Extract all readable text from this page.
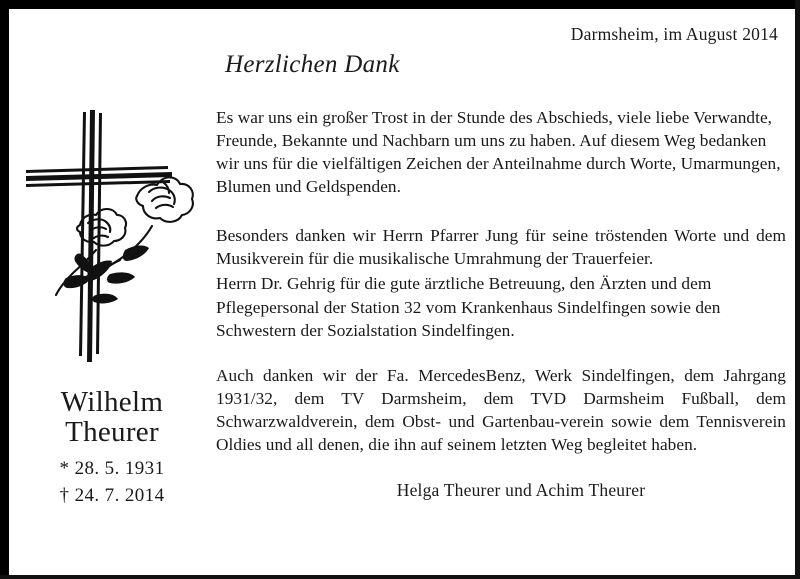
Darmsheim, im August 2014
Wilhelm
Theurer
* 28. 5. 1931
† 24. 7. 2014
Herzlichen Dank

Es war uns ein großer Trost in der Stunde des Abschieds, viele liebe Verwandte, Freunde, Bekannte und Nachbarn um uns zu haben. Auf diesem Weg bedanken wir uns für die vielfältigen Zeichen der Anteilnahme durch Worte, Umarmungen, Blumen und Geldspenden.

Besonders danken wir Herrn Pfarrer Jung für seine tröstenden Worte und dem Musikverein für die musikalische Umrahmung der Trauerfeier.

Herrn Dr. Gehrig für die gute ärztliche Betreuung, den Ärzten und dem Pflegepersonal der Station 32 vom Krankenhaus Sindelfingen sowie den Schwestern der Sozialstation Sindelfingen.

Auch danken wir der Fa. MercedesBenz, Werk Sindelfingen, dem Jahrgang 1931/32, dem TV Darmsheim, dem TVD Darmsheim Fußball, dem Schwarzwaldverein, dem Obst- und Gartenbau-verein sowie dem Tennisverein Oldies und all denen, die ihn auf seinem letzten Weg begleitet haben.

Helga Theurer und Achim Theurer
